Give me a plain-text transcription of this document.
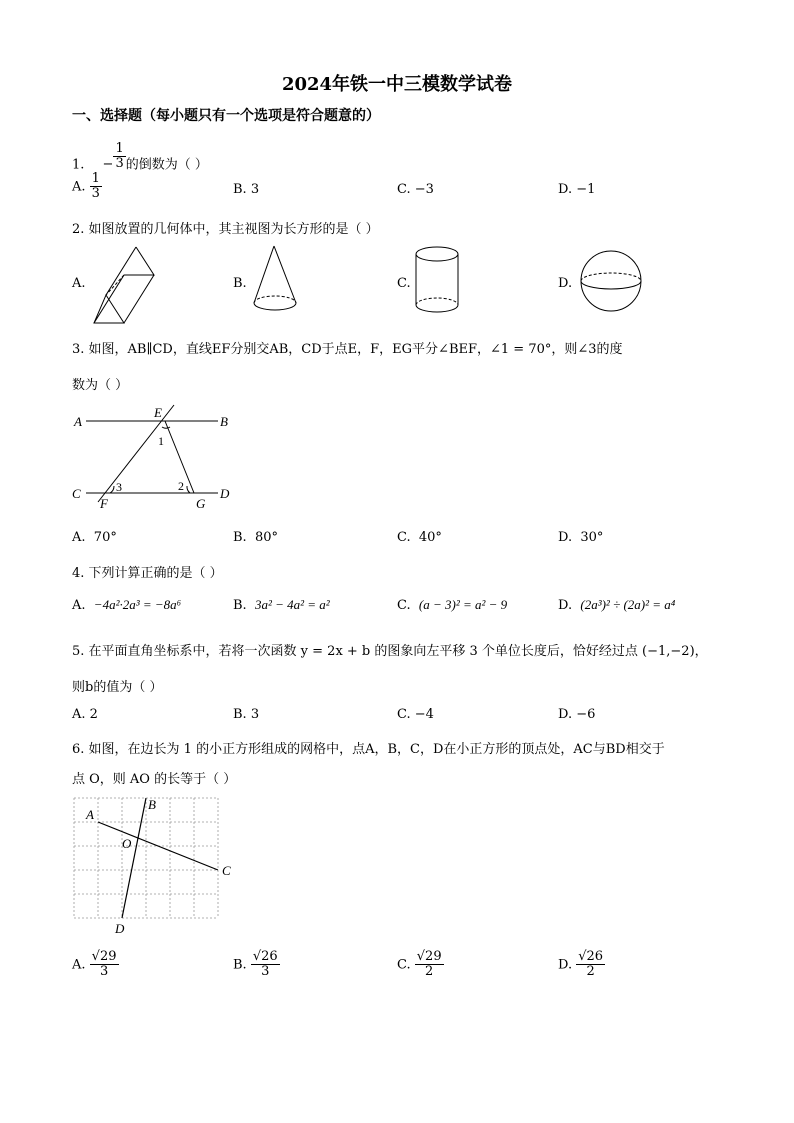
2024年铁一中三模数学试卷
一、选择题（每小题只有一个选项是符合题意的）
1. − $\frac{1}{3}$ 的倒数为（ ）
A. $\frac{1}{3}$	B. 3	C. −3	D. −1
2. 如图放置的几何体中，其主视图为长方形的是（ ）
A.	B.	C.	D.
3. 如图，AB∥CD，直线EF分别交AB，CD于点E，F，EG平分∠BEF，∠1 = 70°，则∠3的度
数为（ ）
A	B
E
1
C	3	2	D
F	G
A. 70°	B. 80°	C. 40°	D. 30°
4. 下列计算正确的是（ ）
A. −4a²·2a³ = −8a⁶	B. 3a² − 4a² = a²	C. (a − 3)² = a² − 9	D. (2a³)² ÷ (2a)² = a⁴
5. 在平面直角坐标系中，若将一次函数 y = 2x + b 的图象向左平移 3 个单位长度后，恰好经过点 (−1,−2)，
则b的值为（ ）
A. 2	B. 3	C. −4	D. −6
6. 如图，在边长为 1 的小正方形组成的网格中，点A，B，C，D在小正方形的顶点处，AC与BD相交于
点 O，则 AO 的长等于（ ）
A
B
C
D
O
A. $\frac{√29}{3}$	B. $\frac{√26}{3}$	C. $\frac{√29}{2}$	D. $\frac{√26}{2}$
